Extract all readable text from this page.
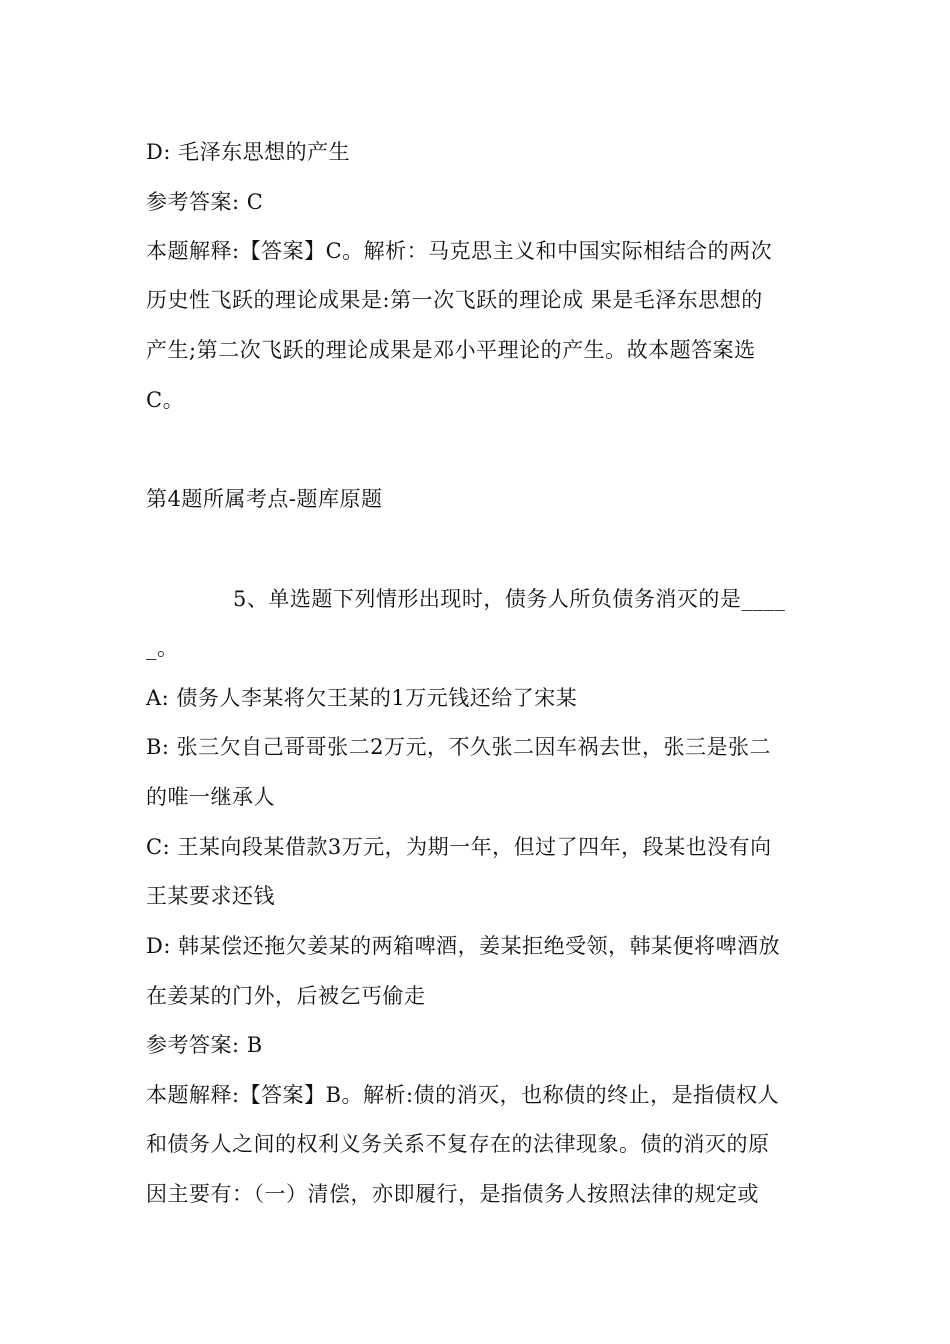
D: 毛泽东思想的产生
参考答案: C
本题解释:【答案】C。解析：马克思主义和中国实际相结合的两次
历史性飞跃的理论成果是:第一次飞跃的理论成 果是毛泽东思想的
产生;第二次飞跃的理论成果是邓小平理论的产生。故本题答案选
C。
第4题所属考点-题库原题
5、单选题下列情形出现时，债务人所负债务消灭的是____
_。
A: 债务人李某将欠王某的1万元钱还给了宋某
B: 张三欠自己哥哥张二2万元，不久张二因车祸去世，张三是张二
的唯一继承人
C: 王某向段某借款3万元，为期一年，但过了四年，段某也没有向
王某要求还钱
D: 韩某偿还拖欠姜某的两箱啤酒，姜某拒绝受领，韩某便将啤酒放
在姜某的门外，后被乞丐偷走
参考答案: B
本题解释:【答案】B。解析:债的消灭，也称债的终止，是指债权人
和债务人之间的权利义务关系不复存在的法律现象。债的消灭的原
因主要有：（一）清偿，亦即履行，是指债务人按照法律的规定或
